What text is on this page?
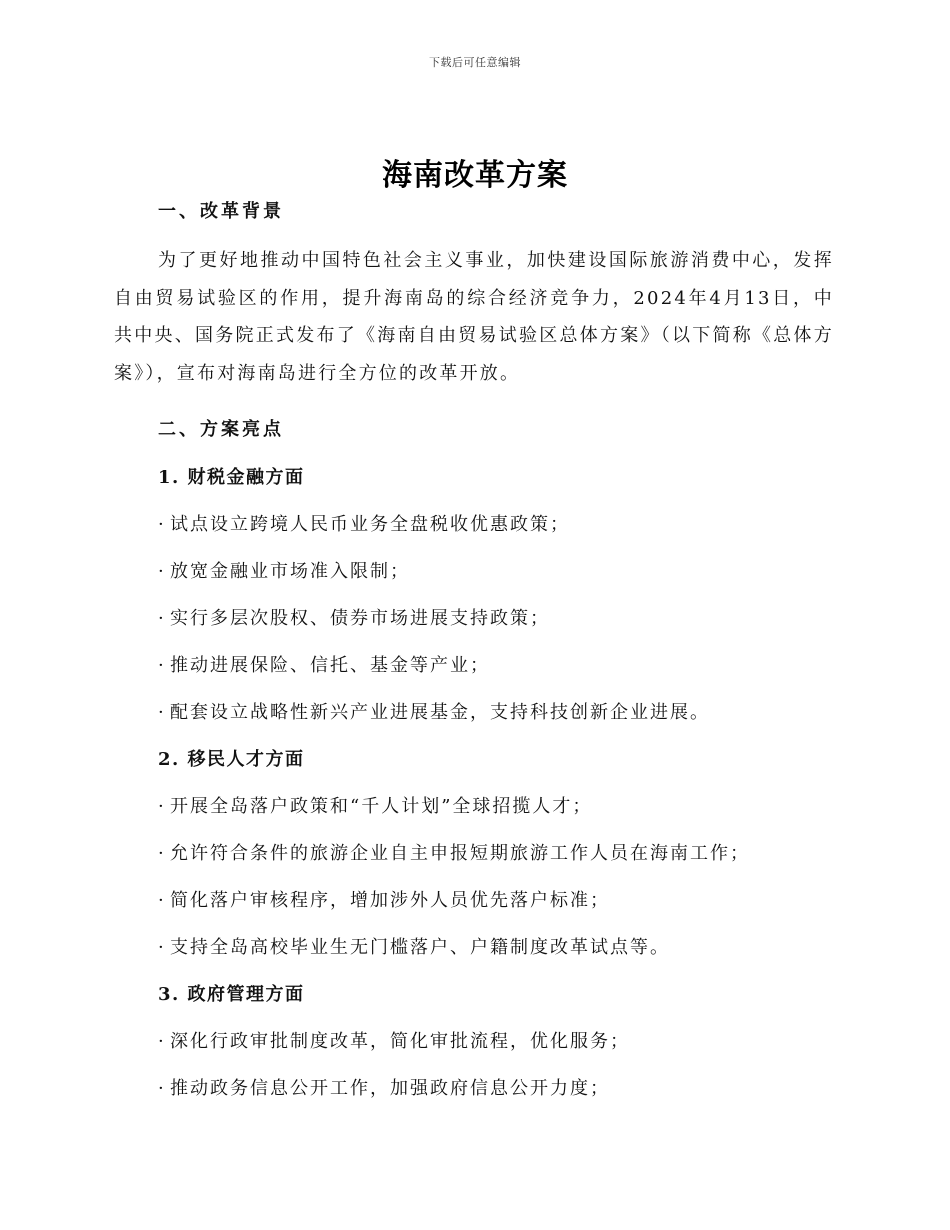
下载后可任意编辑
海南改革方案
一、改革背景

为了更好地推动中国特色社会主义事业，加快建设国际旅游消费中心，发挥自由贸易试验区的作用，提升海南岛的综合经济竞争力，2024年4月13日，中共中央、国务院正式发布了《海南自由贸易试验区总体方案》（以下简称《总体方案》），宣布对海南岛进行全方位的改革开放。

二、方案亮点
1. 财税金融方面
· 试点设立跨境人民币业务全盘税收优惠政策；
· 放宽金融业市场准入限制；
· 实行多层次股权、债券市场进展支持政策；
· 推动进展保险、信托、基金等产业；
· 配套设立战略性新兴产业进展基金，支持科技创新企业进展。
2. 移民人才方面
· 开展全岛落户政策和“千人计划”全球招揽人才；
· 允许符合条件的旅游企业自主申报短期旅游工作人员在海南工作；
· 简化落户审核程序，增加涉外人员优先落户标准；
· 支持全岛高校毕业生无门槛落户、户籍制度改革试点等。
3. 政府管理方面
· 深化行政审批制度改革，简化审批流程，优化服务；
· 推动政务信息公开工作，加强政府信息公开力度；
